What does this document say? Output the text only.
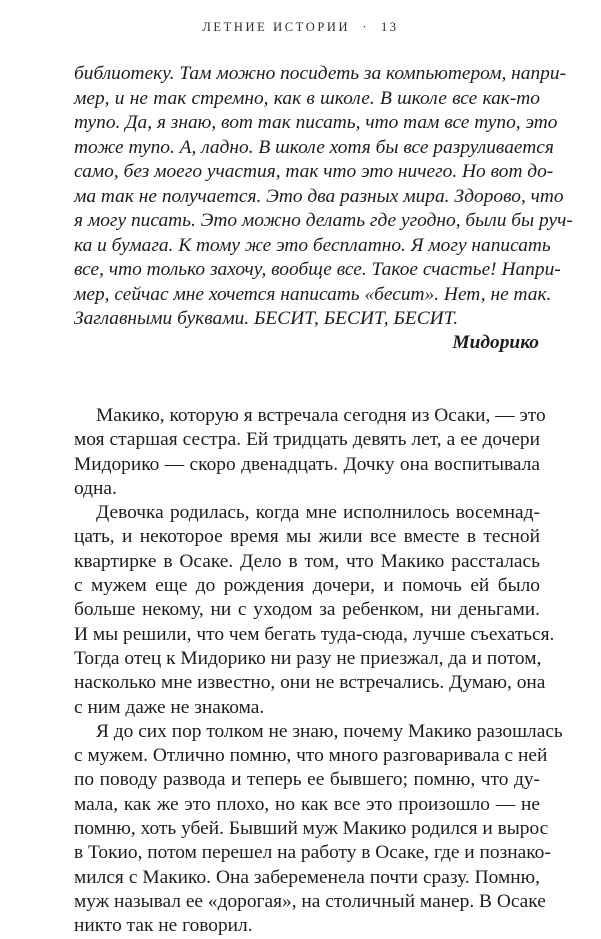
ЛЕТНИЕ ИСТОРИИ · 13
библиотеку. Там можно посидеть за компьютером, напри-
мер, и не так стремно, как в школе. В школе все как-то
тупо. Да, я знаю, вот так писать, что там все тупо, это
тоже тупо. А, ладно. В школе хотя бы все разруливается
само, без моего участия, так что это ничего. Но вот до-
ма так не получается. Это два разных мира. Здорово, что
я могу писать. Это можно делать где угодно, были бы руч-
ка и бумага. К тому же это бесплатно. Я могу написать
все, что только захочу, вообще все. Такое счастье! Напри-
мер, сейчас мне хочется написать «бесит». Нет, не так.
Заглавными буквами. БЕСИТ, БЕСИТ, БЕСИТ.
Мидорико
Макико, которую я встречала сегодня из Осаки, — это
моя старшая сестра. Ей тридцать девять лет, а ее дочери
Мидорико — скоро двенадцать. Дочку она воспитывала
одна.
Девочка родилась, когда мне исполнилось восемнад-
цать, и некоторое время мы жили все вместе в тесной
квартирке в Осаке. Дело в том, что Макико рассталась
с мужем еще до рождения дочери, и помочь ей было
больше некому, ни с уходом за ребенком, ни деньгами.
И мы решили, что чем бегать туда-сюда, лучше съехаться.
Тогда отец к Мидорико ни разу не приезжал, да и потом,
насколько мне известно, они не встречались. Думаю, она
с ним даже не знакома.
Я до сих пор толком не знаю, почему Макико разошлась
с мужем. Отлично помню, что много разговаривала с ней
по поводу развода и теперь ее бывшего; помню, что ду-
мала, как же это плохо, но как все это произошло — не
помню, хоть убей. Бывший муж Макико родился и вырос
в Токио, потом перешел на работу в Осаке, где и познако-
мился с Макико. Она забеременела почти сразу. Помню,
муж называл ее «дорогая», на столичный манер. В Осаке
никто так не говорил.
